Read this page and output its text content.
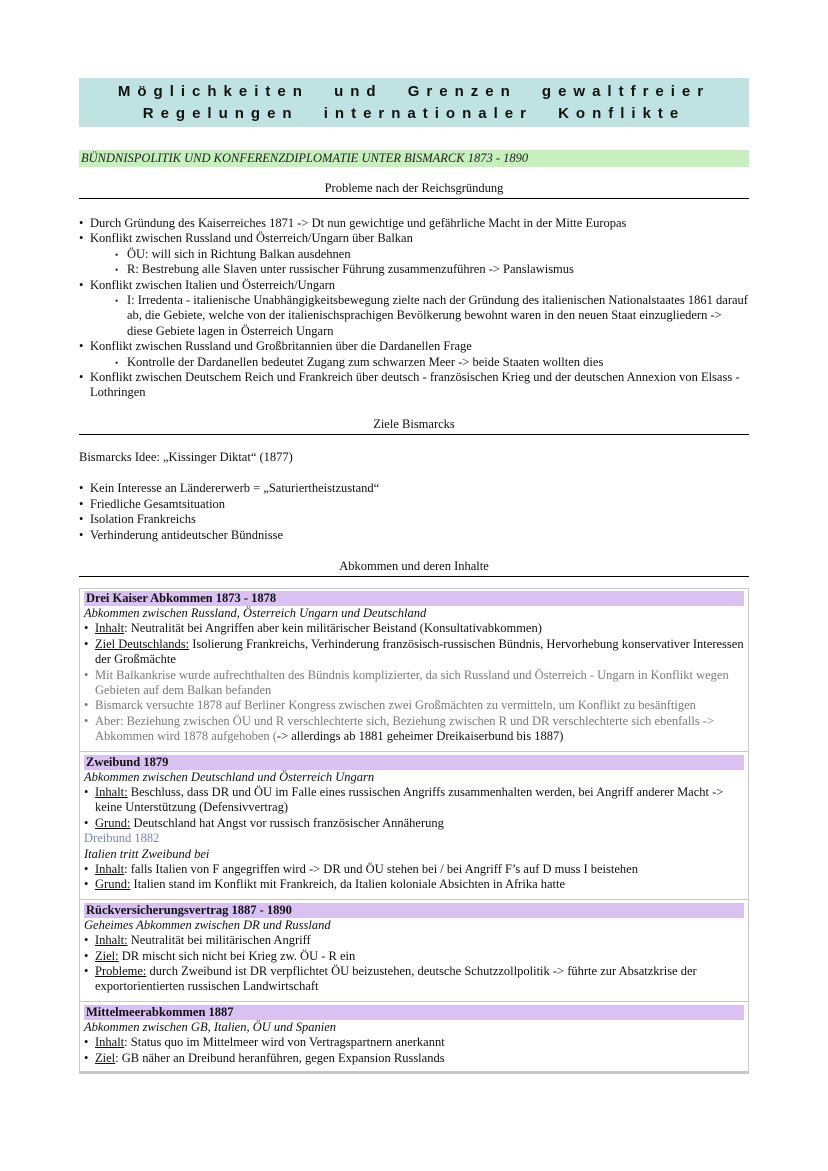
Möglichkeiten und Grenzen gewaltfreier
Regelungen internationaler Konflikte
BÜNDNISPOLITIK UND KONFERENZDIPLOMATIE UNTER BISMARCK 1873 - 1890
Probleme nach der Reichsgründung
• Durch Gründung des Kaiserreiches 1871 -> Dt nun gewichtige und gefährliche Macht in der Mitte Europas
• Konflikt zwischen Russland und Österreich/Ungarn über Balkan
• ÖU: will sich in Richtung Balkan ausdehnen
• R: Bestrebung alle Slaven unter russischer Führung zusammenzuführen -> Panslawismus
• Konflikt zwischen Italien und Österreich/Ungarn
• I: Irredenta - italienische Unabhängigkeitsbewegung zielte nach der Gründung des italienischen Nationalstaates 1861 darauf ab, die Gebiete, welche von der italienischsprachigen Bevölkerung bewohnt waren in den neuen Staat einzugliedern -> diese Gebiete lagen in Österreich Ungarn
• Konflikt zwischen Russland und Großbritannien über die Dardanellen Frage
• Kontrolle der Dardanellen bedeutet Zugang zum schwarzen Meer -> beide Staaten wollten dies
• Konflikt zwischen Deutschem Reich und Frankreich über deutsch - französischen Krieg und der deutschen Annexion von Elsass - Lothringen
Ziele Bismarcks
Bismarcks Idee: „Kissinger Diktat“ (1877)
• Kein Interesse an Ländererwerb = „Saturiertheistzustand“
• Friedliche Gesamtsituation
• Isolation Frankreichs
• Verhinderung antideutscher Bündnisse
Abkommen und deren Inhalte
Drei Kaiser Abkommen 1873 - 1878
Abkommen zwischen Russland, Österreich Ungarn und Deutschland
• Inhalt: Neutralität bei Angriffen aber kein militärischer Beistand (Konsultativabkommen)
• Ziel Deutschlands: Isolierung Frankreichs, Verhinderung französisch-russischen Bündnis, Hervorhebung konservativer Interessen der Großmächte
• Mit Balkankrise wurde aufrechthalten des Bündnis komplizierter, da sich Russland und Österreich - Ungarn in Konflikt wegen Gebieten auf dem Balkan befanden
• Bismarck versuchte 1878 auf Berliner Kongress zwischen zwei Großmächten zu vermitteln, um Konflikt zu besänftigen
• Aber: Beziehung zwischen ÖU und R verschlechterte sich, Beziehung zwischen R und DR verschlechterte sich ebenfalls -> Abkommen wird 1878 aufgehoben (-> allerdings ab 1881 geheimer Dreikaiserbund bis 1887)
Zweibund 1879
Abkommen zwischen Deutschland und Österreich Ungarn
• Inhalt: Beschluss, dass DR und ÖU im Falle eines russischen Angriffs zusammenhalten werden, bei Angriff anderer Macht -> keine Unterstützung (Defensivvertrag)
• Grund: Deutschland hat Angst vor russisch französischer Annäherung
Dreibund 1882
Italien tritt Zweibund bei
• Inhalt: falls Italien von F angegriffen wird -> DR und ÖU stehen bei / bei Angriff F’s auf D muss I beistehen
• Grund: Italien stand im Konflikt mit Frankreich, da Italien koloniale Absichten in Afrika hatte
Rückversicherungsvertrag 1887 - 1890
Geheimes Abkommen zwischen DR und Russland
• Inhalt: Neutralität bei militärischen Angriff
• Ziel: DR mischt sich nicht bei Krieg zw. ÖU - R ein
• Probleme: durch Zweibund ist DR verpflichtet ÖU beizustehen, deutsche Schutzzollpolitik -> führte zur Absatzkrise der exportorientierten russischen Landwirtschaft
Mittelmeerabkommen 1887
Abkommen zwischen GB, Italien, ÖU und Spanien
• Inhalt: Status quo im Mittelmeer wird von Vertragspartnern anerkannt
• Ziel: GB näher an Dreibund heranführen, gegen Expansion Russlands
